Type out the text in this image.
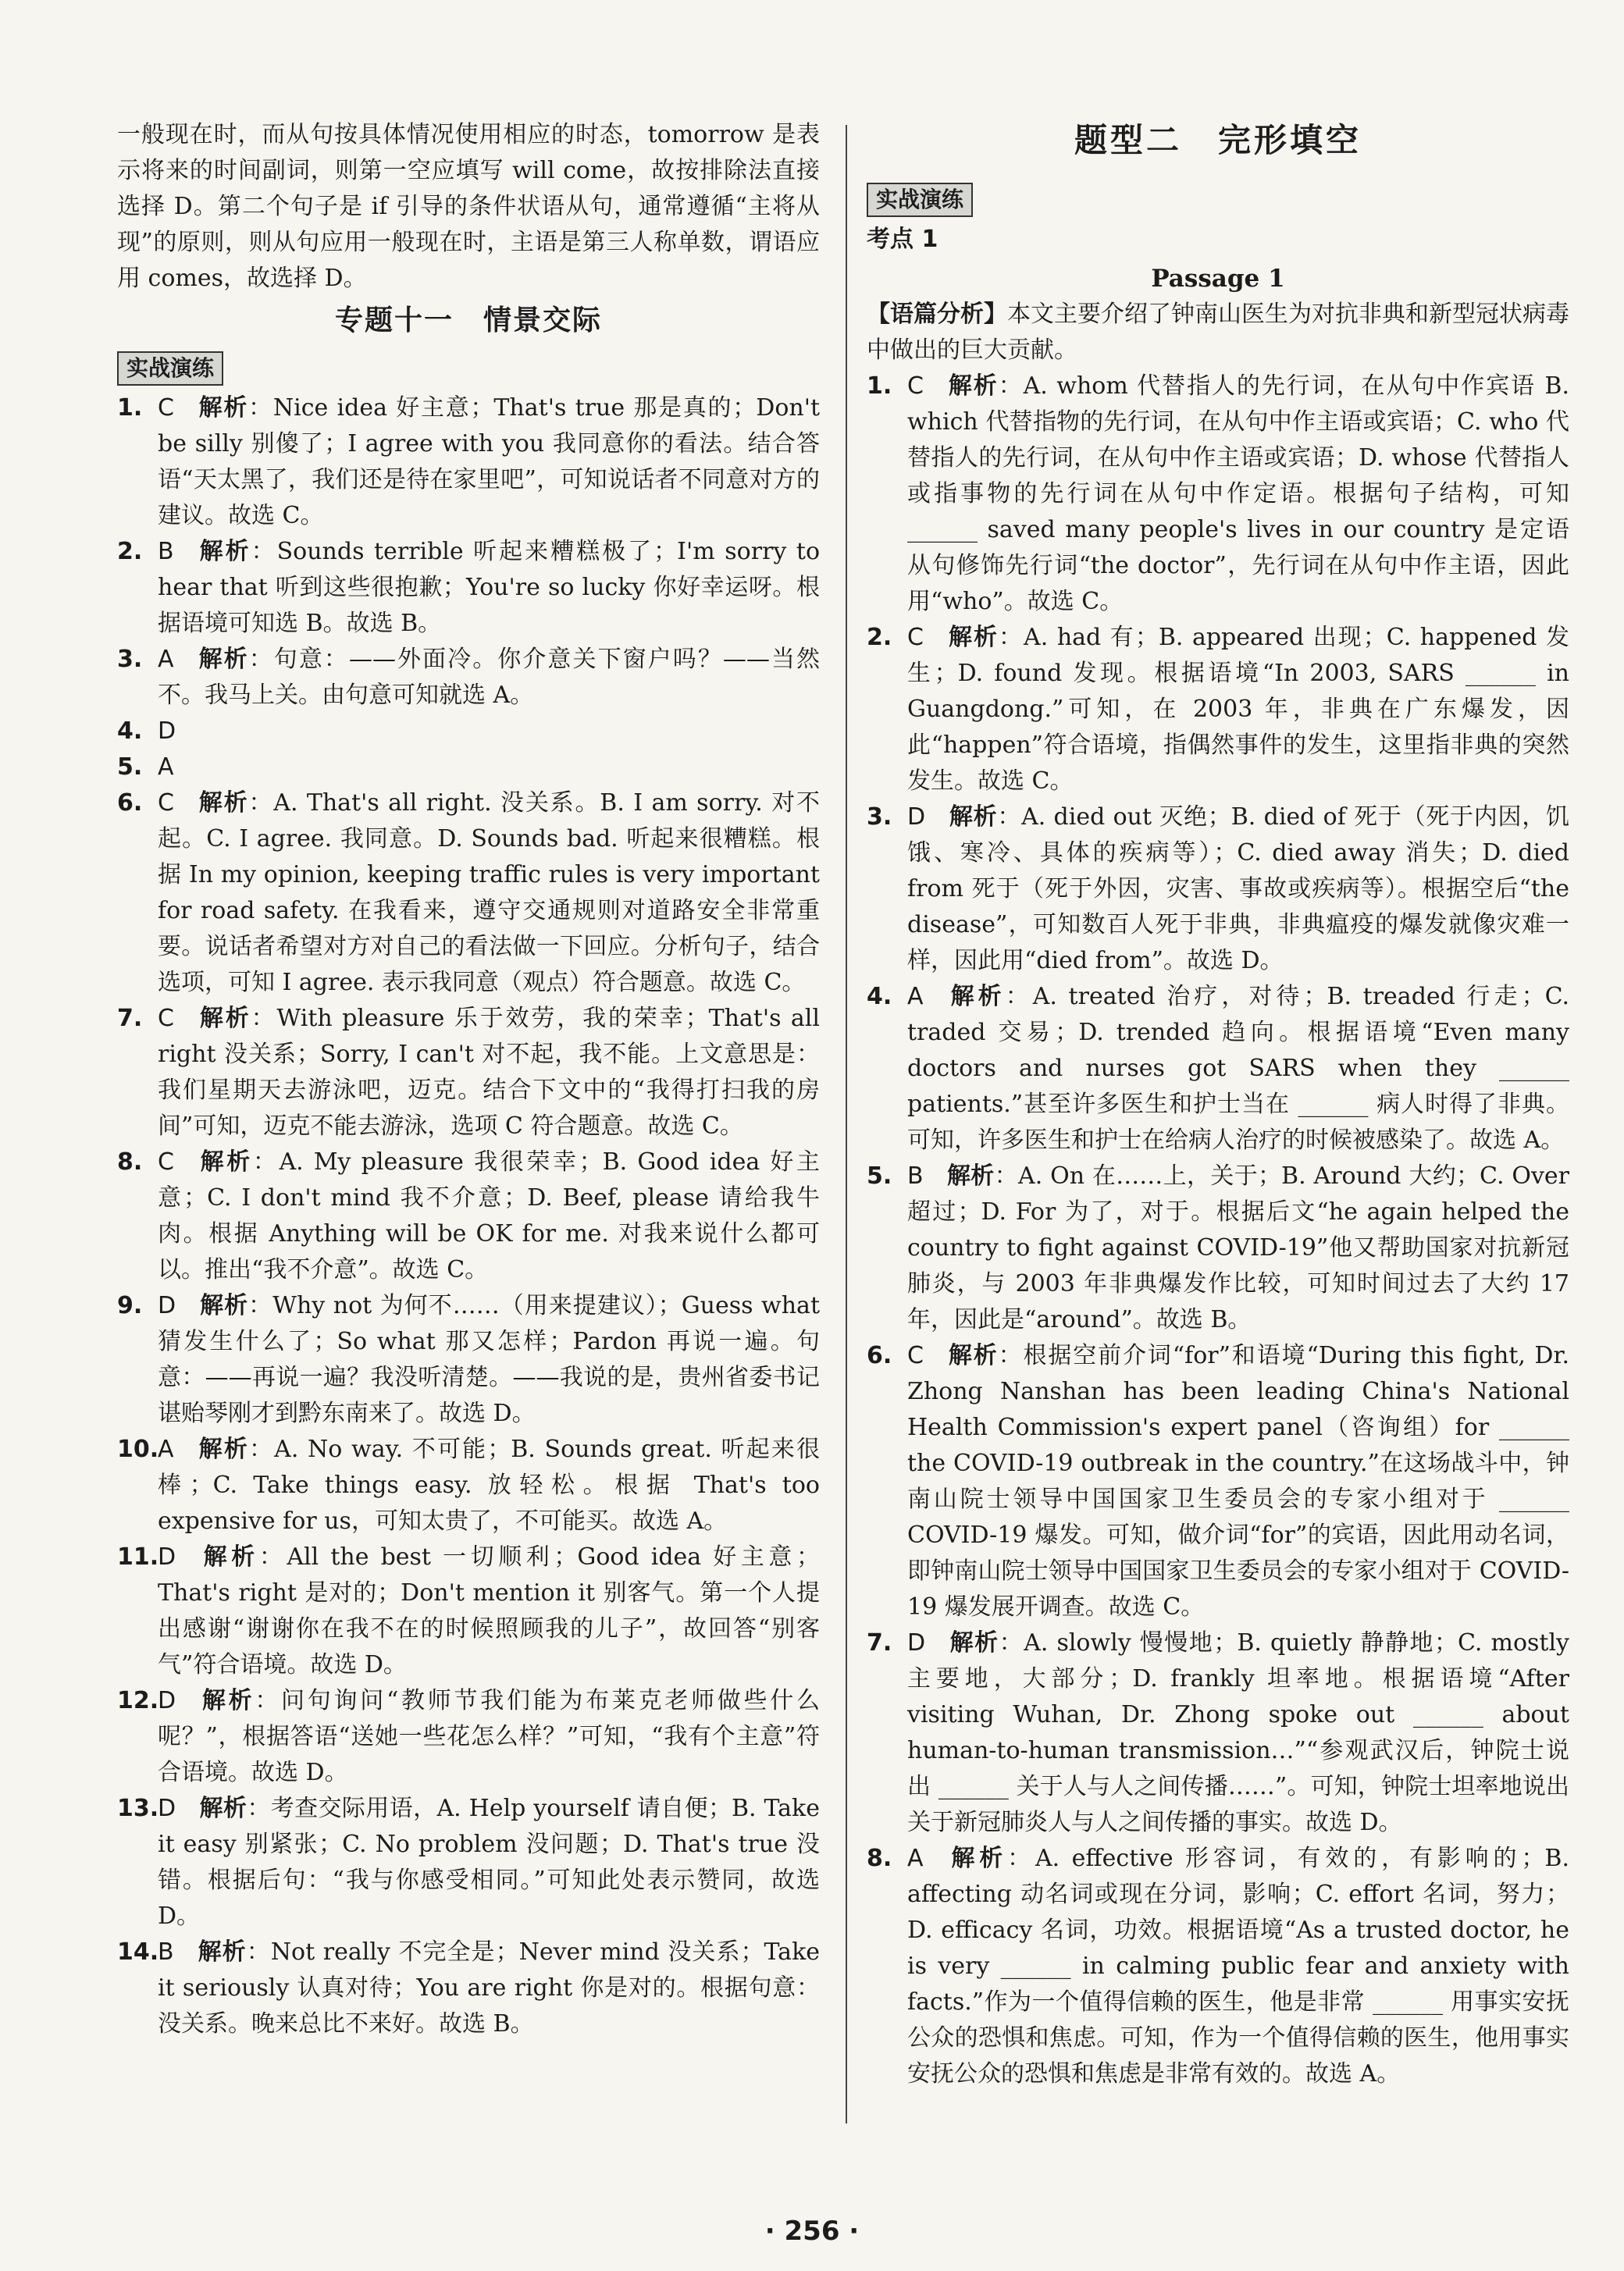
一般现在时，而从句按具体情况使用相应的时态，tomorrow 是表示将来的时间副词，则第一空应填写 will come，故按排除法直接选择 D。第二个句子是 if 引导的条件状语从句，通常遵循“主将从现”的原则，则从句应用一般现在时，主语是第三人称单数，谓语应用 comes，故选择 D。

专题十一　情景交际
实战演练

1. C 解析：Nice idea 好主意；That's true 那是真的；Don't be silly 别傻了；I agree with you 我同意你的看法。结合答语“天太黑了，我们还是待在家里吧”，可知说话者不同意对方的建议。故选 C。

2. B 解析：Sounds terrible 听起来糟糕极了；I'm sorry to hear that 听到这些很抱歉；You're so lucky 你好幸运呀。根据语境可知选 B。故选 B。

3. A 解析：句意：——外面冷。你介意关下窗户吗？——当然不。我马上关。由句意可知就选 A。

4. D

5. A

6. C 解析：A. That's all right. 没关系。B. I am sorry. 对不起。C. I agree. 我同意。D. Sounds bad. 听起来很糟糕。根据 In my opinion, keeping traffic rules is very important for road safety. 在我看来，遵守交通规则对道路安全非常重要。说话者希望对方对自己的看法做一下回应。分析句子，结合选项，可知 I agree. 表示我同意（观点）符合题意。故选 C。

7. C 解析：With pleasure 乐于效劳，我的荣幸；That's all right 没关系；Sorry, I can't 对不起，我不能。上文意思是：我们星期天去游泳吧，迈克。结合下文中的“我得打扫我的房间”可知，迈克不能去游泳，选项 C 符合题意。故选 C。

8. C 解析：A. My pleasure 我很荣幸；B. Good idea 好主意；C. I don't mind 我不介意；D. Beef, please 请给我牛肉。根据 Anything will be OK for me. 对我来说什么都可以。推出“我不介意”。故选 C。

9. D 解析：Why not 为何不……（用来提建议）；Guess what 猜发生什么了；So what 那又怎样；Pardon 再说一遍。句意：——再说一遍？我没听清楚。——我说的是，贵州省委书记谌贻琴刚才到黔东南来了。故选 D。

10.
A 解析：A. No way. 不可能；B. Sounds great. 听起来很棒；C. Take things easy. 放轻松。根据 That's too expensive for us，可知太贵了，不可能买。故选 A。

11.
D 解析：All the best 一切顺利；Good idea 好主意；That's right 是对的；Don't mention it 别客气。第一个人提出感谢“谢谢你在我不在的时候照顾我的儿子”，故回答“别客气”符合语境。故选 D。

12.
D 解析：问句询问“教师节我们能为布莱克老师做些什么呢？”，根据答语“送她一些花怎么样？”可知，“我有个主意”符合语境。故选 D。

13.
D 解析：考查交际用语，A. Help yourself 请自便；B. Take it easy 别紧张；C. No problem 没问题；D. That's true 没错。根据后句：“我与你感受相同。”可知此处表示赞同，故选 D。

14.
B 解析：Not really 不完全是；Never mind 没关系；Take it seriously 认真对待；You are right 你是对的。根据句意：没关系。晚来总比不来好。故选 B。

题型二　完形填空
实战演练
考点 1
Passage 1

【语篇分析】本文主要介绍了钟南山医生为对抗非典和新型冠状病毒中做出的巨大贡献。

1. C 解析：A. whom 代替指人的先行词，在从句中作宾语 B. which 代替指物的先行词，在从句中作主语或宾语；C. who 代替指人的先行词，在从句中作主语或宾语；D. whose 代替指人或指事物的先行词在从句中作定语。根据句子结构，可知 ______ saved many people's lives in our country 是定语从句修饰先行词“the doctor”，先行词在从句中作主语，因此用“who”。故选 C。

2. C 解析：A. had 有；B. appeared 出现；C. happened 发生；D. found 发现。根据语境“In 2003, SARS ______ in Guangdong.”可知，在 2003 年，非典在广东爆发，因此“happen”符合语境，指偶然事件的发生，这里指非典的突然发生。故选 C。

3. D 解析：A. died out 灭绝；B. died of 死于（死于内因，饥饿、寒冷、具体的疾病等）；C. died away 消失；D. died from 死于（死于外因，灾害、事故或疾病等）。根据空后“the disease”，可知数百人死于非典，非典瘟疫的爆发就像灾难一样，因此用“died from”。故选 D。

4. A 解析：A. treated 治疗，对待；B. treaded 行走；C. traded 交易；D. trended 趋向。根据语境“Even many doctors and nurses got SARS when they ______ patients.”甚至许多医生和护士当在 ______ 病人时得了非典。可知，许多医生和护士在给病人治疗的时候被感染了。故选 A。

5. B 解析：A. On 在……上，关于；B. Around 大约；C. Over 超过；D. For 为了，对于。根据后文“he again helped the country to fight against COVID-19”他又帮助国家对抗新冠肺炎，与 2003 年非典爆发作比较，可知时间过去了大约 17 年，因此是“around”。故选 B。

6. C 解析：根据空前介词“for”和语境“During this fight, Dr. Zhong Nanshan has been leading China's National Health Commission's expert panel（咨询组）for ______ the COVID-19 outbreak in the country.”在这场战斗中，钟南山院士领导中国国家卫生委员会的专家小组对于 ______ COVID-19 爆发。可知，做介词“for”的宾语，因此用动名词，即钟南山院士领导中国国家卫生委员会的专家小组对于 COVID-19 爆发展开调查。故选 C。

7. D 解析：A. slowly 慢慢地；B. quietly 静静地；C. mostly 主要地，大部分；D. frankly 坦率地。根据语境“After visiting Wuhan, Dr. Zhong spoke out ______ about human-to-human transmission…”“参观武汉后，钟院士说出 ______ 关于人与人之间传播……”。可知，钟院士坦率地说出关于新冠肺炎人与人之间传播的事实。故选 D。

8. A 解析：A. effective 形容词，有效的，有影响的；B. affecting 动名词或现在分词，影响；C. effort 名词，努力；D. efficacy 名词，功效。根据语境“As a trusted doctor, he is very ______ in calming public fear and anxiety with facts.”作为一个值得信赖的医生，他是非常 ______ 用事实安抚公众的恐惧和焦虑。可知，作为一个值得信赖的医生，他用事实安抚公众的恐惧和焦虑是非常有效的。故选 A。

· 256 ·
